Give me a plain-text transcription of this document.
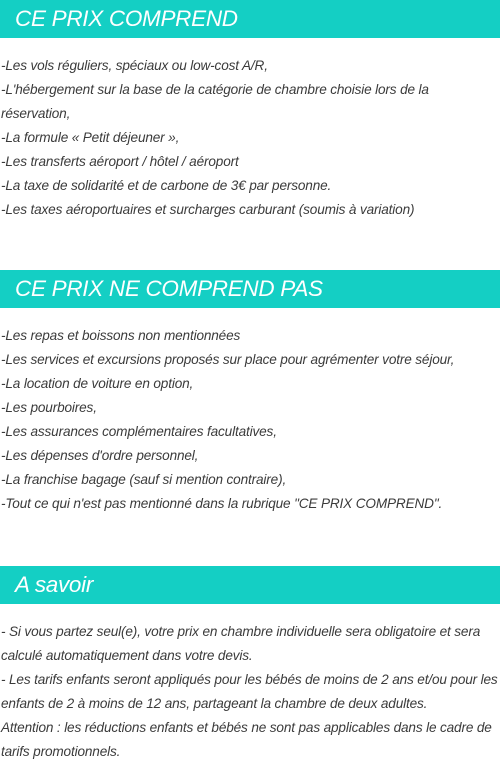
CE PRIX COMPREND
-Les vols réguliers, spéciaux ou low-cost A/R,
-L'hébergement sur la base de la catégorie de chambre choisie lors de la réservation,
-La formule « Petit déjeuner »,
-Les transferts aéroport / hôtel / aéroport
-La taxe de solidarité et de carbone de 3€ par personne.
-Les taxes aéroportuaires et surcharges carburant (soumis à variation)
CE PRIX NE COMPREND PAS
-Les repas et boissons non mentionnées
-Les services et excursions proposés sur place pour agrémenter votre séjour,
-La location de voiture en option,
-Les pourboires,
-Les assurances complémentaires facultatives,
-Les dépenses d'ordre personnel,
-La franchise bagage (sauf si mention contraire),
-Tout ce qui n'est pas mentionné dans la rubrique "CE PRIX COMPREND".
A savoir
- Si vous partez seul(e), votre prix en chambre individuelle sera obligatoire et sera calculé automatiquement dans votre devis.
- Les tarifs enfants seront appliqués pour les bébés de moins de 2 ans et/ou pour les enfants de 2 à moins de 12 ans, partageant la chambre de deux adultes.
Attention : les réductions enfants et bébés ne sont pas applicables dans le cadre de tarifs promotionnels.
